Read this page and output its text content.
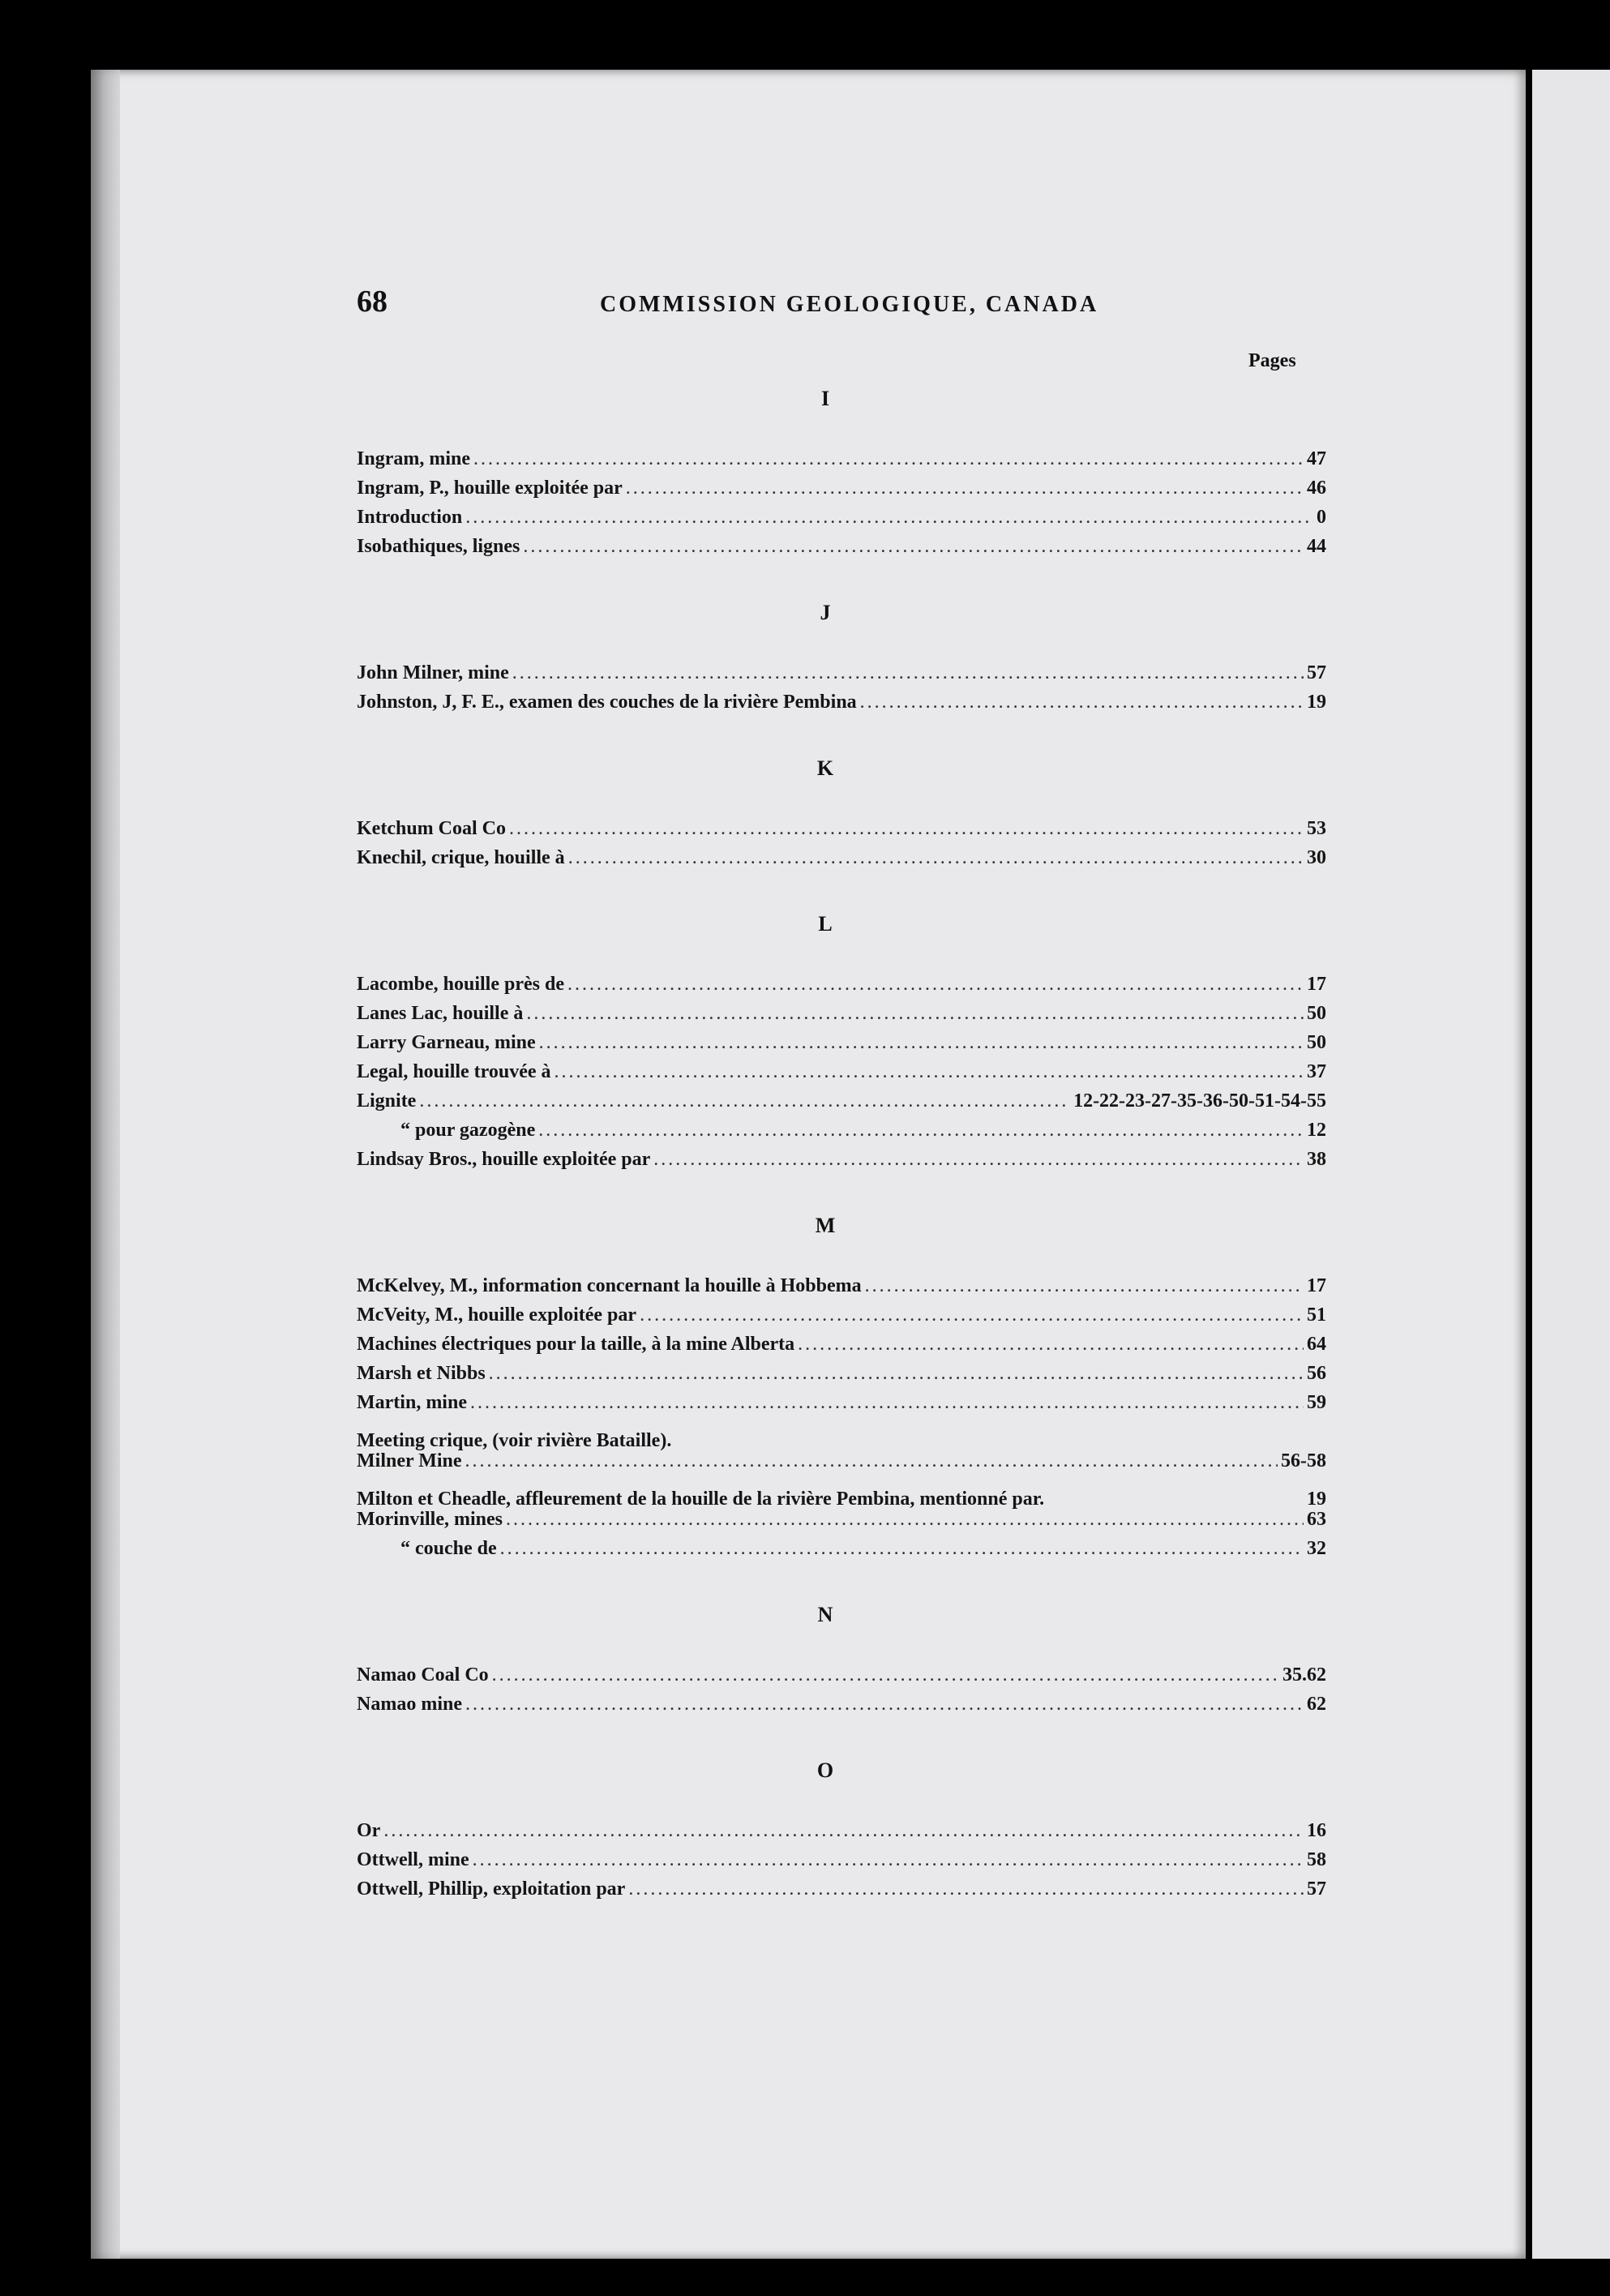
68	COMMISSION GEOLOGIQUE, CANADA
Pages
I
Ingram, mine .....	47
Ingram, P., houille exploitée par .....	46
Introduction .....	0
Isobathiques, lignes .....	44
J
John Milner, mine .....	57
Johnston, J, F. E., examen des couches de la rivière Pembina .....	19
K
Ketchum Coal Co .....	53
Knechil, crique, houille à .....	30
L
Lacombe, houille près de .....	17
Lanes Lac, houille à .....	50
Larry Garneau, mine .....	50
Legal, houille trouvée à .....	37
Lignite .....	12-22-23-27-35-36-50-51-54-55
“ pour gazogène .....	12
Lindsay Bros., houille exploitée par .....	38
M
McKelvey, M., information concernant la houille à Hobbema .....	17
McVeity, M., houille exploitée par .....	51
Machines électriques pour la taille, à la mine Alberta .....	64
Marsh et Nibbs .....	56
Martin, mine .....	59
Meeting crique, (voir rivière Bataille).
Milner Mine .....	56-58
Milton et Cheadle, affleurement de la houille de la rivière Pembina, mentionné par.	19
Morinville, mines .....	63
“ couche de .....	32
N
Namao Coal Co .....	35.62
Namao mine .....	62
O
Or .....	16
Ottwell, mine .....	58
Ottwell, Phillip, exploitation par .....	57
